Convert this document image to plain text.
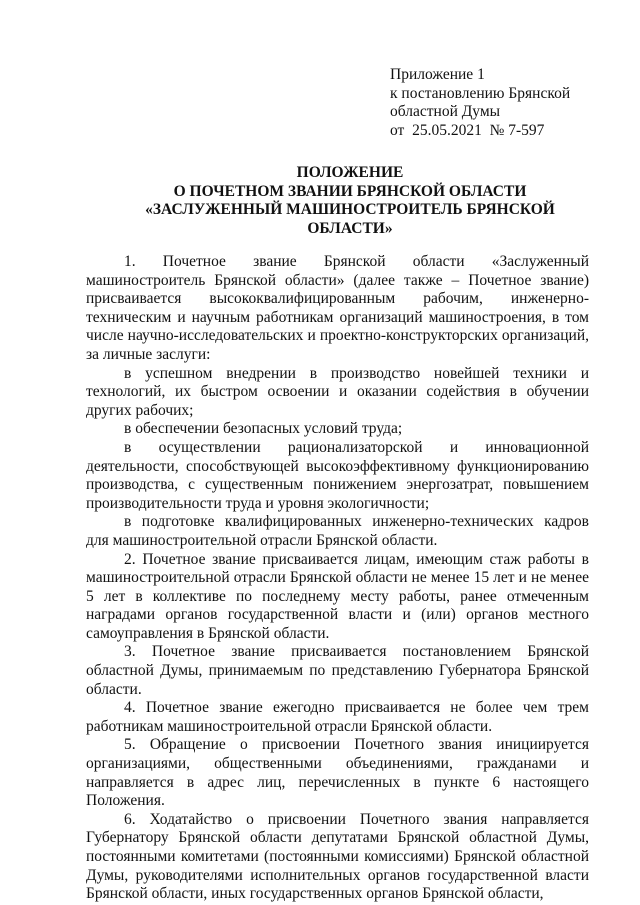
Приложение 1
к постановлению Брянской
областной Думы
от  25.05.2021  № 7-597
ПОЛОЖЕНИЕ
О ПОЧЕТНОМ ЗВАНИИ БРЯНСКОЙ ОБЛАСТИ
«ЗАСЛУЖЕННЫЙ МАШИНОСТРОИТЕЛЬ БРЯНСКОЙ
ОБЛАСТИ»

1. Почетное звание Брянской области «Заслуженный машиностроитель Брянской области» (далее также – Почетное звание) присваивается высококвалифицированным рабочим, инженерно-техническим и научным работникам организаций машиностроения, в том числе научно-исследовательских и проектно-конструкторских организаций, за личные заслуги:

в успешном внедрении в производство новейшей техники и технологий, их быстром освоении и оказании содействия в обучении других рабочих;

в обеспечении безопасных условий труда;

в осуществлении рационализаторской и инновационной деятельности, способствующей высокоэффективному функционированию производства, с существенным понижением энергозатрат, повышением производительности труда и уровня экологичности;

в подготовке квалифицированных инженерно-технических кадров для машиностроительной отрасли Брянской области.

2. Почетное звание присваивается лицам, имеющим стаж работы в машиностроительной отрасли Брянской области не менее 15 лет и не менее 5 лет в коллективе по последнему месту работы, ранее отмеченным наградами органов государственной власти и (или) органов местного самоуправления в Брянской области.

3. Почетное звание присваивается постановлением Брянской областной Думы, принимаемым по представлению Губернатора Брянской области.

4. Почетное звание ежегодно присваивается не более чем трем работникам машиностроительной отрасли Брянской области.

5. Обращение о присвоении Почетного звания инициируется организациями, общественными объединениями, гражданами и направляется в адрес лиц, перечисленных в пункте 6 настоящего Положения.

6. Ходатайство о присвоении Почетного звания направляется Губернатору Брянской области депутатами Брянской областной Думы, постоянными комитетами (постоянными комиссиями) Брянской областной Думы, руководителями исполнительных органов государственной власти Брянской области, иных государственных органов Брянской области,
